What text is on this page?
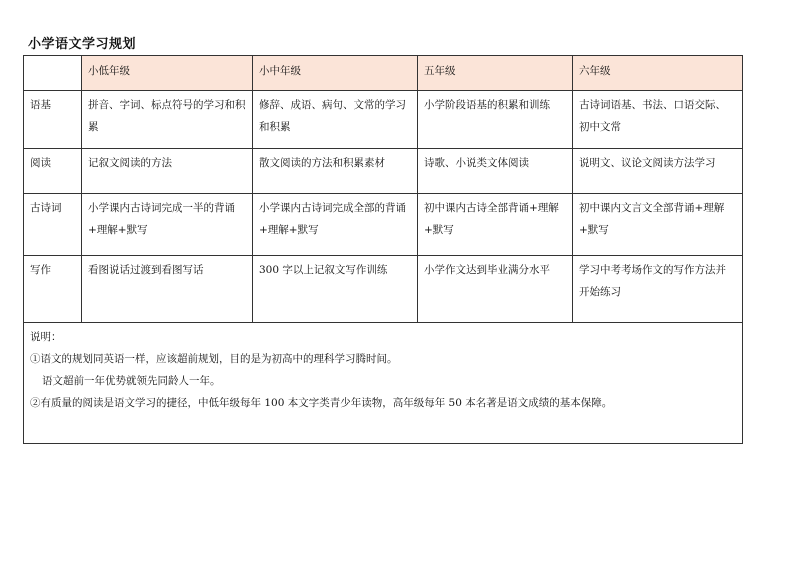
小学语文学习规划
	小低年级	小中年级	五年级	六年级
语基	拼音、字词、标点符号的学习和积累	修辞、成语、病句、文常的学习和积累	小学阶段语基的积累和训练	古诗词语基、书法、口语交际、初中文常
阅读	记叙文阅读的方法	散文阅读的方法和积累素材	诗歌、小说类文体阅读	说明文、议论文阅读方法学习
古诗词	小学课内古诗词完成一半的背诵+理解+默写	小学课内古诗词完成全部的背诵+理解+默写	初中课内古诗全部背诵+理解+默写	初中课内文言文全部背诵+理解+默写
写作	看图说话过渡到看图写话	300 字以上记叙文写作训练	小学作文达到毕业满分水平	学习中考考场作文的写作方法并开始练习

说明：

①语文的规划同英语一样，应该超前规划，目的是为初高中的理科学习腾时间。

语文超前一年优势就领先同龄人一年。

②有质量的阅读是语文学习的捷径，中低年级每年 100 本文字类青少年读物，高年级每年 50 本名著是语文成绩的基本保障。				
